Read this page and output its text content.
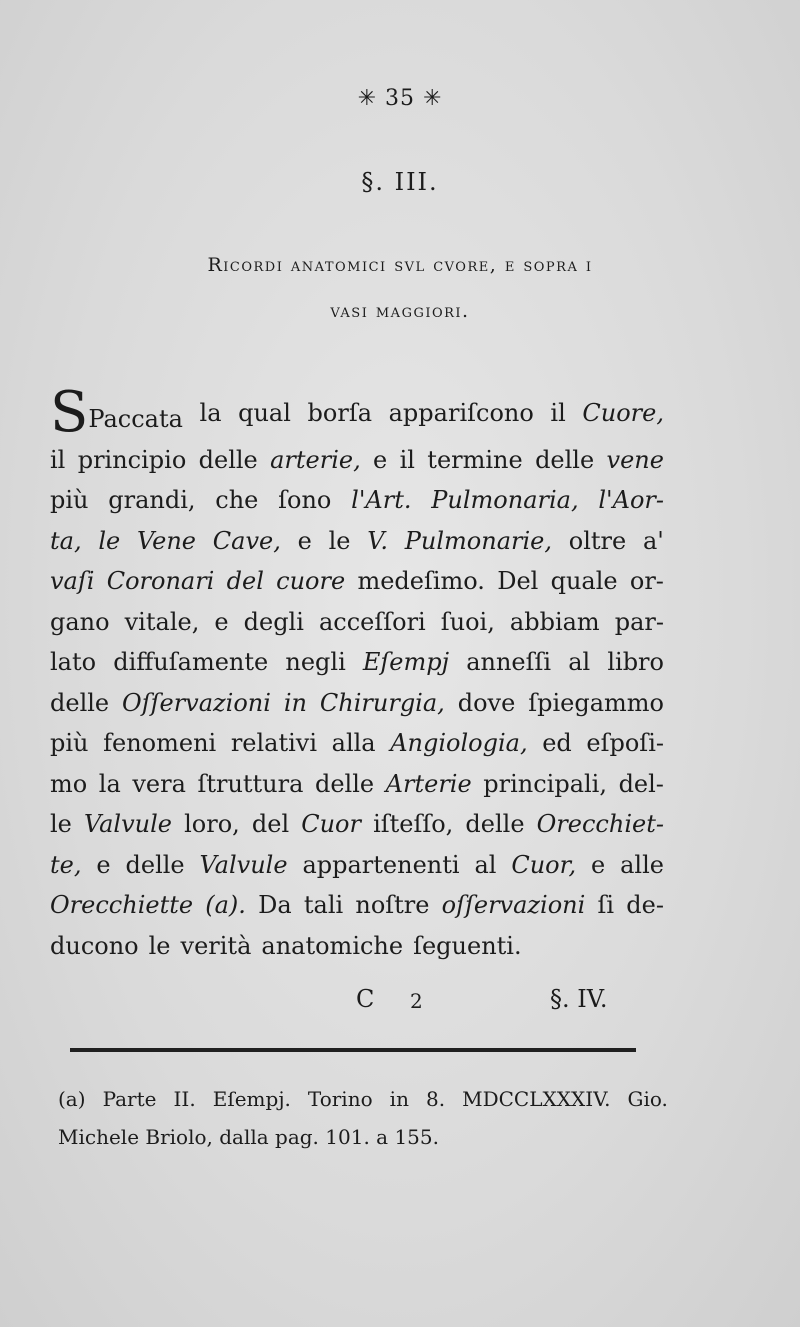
✳ 35 ✳
§. III.
Ricordi anatomici svl cvore, e sopra i
vasi maggiori.
SPaccata la qual borſa appariſcono il Cuore,
il principio delle arterie, e il termine delle vene
più grandi, che ſono l'Art. Pulmonaria, l'Aor-
ta, le Vene Cave, e le V. Pulmonarie, oltre a'
vaſi Coronari del cuore medeſimo. Del quale or-
gano vitale, e degli acceſſori ſuoi, abbiam par-
lato diffuſamente negli Eſempj anneſſi al libro
delle Oſſervazioni in Chirurgia, dove ſpiegammo
più fenomeni relativi alla Angiologia, ed eſpoſi-
mo la vera ſtruttura delle Arterie principali, del-
le Valvule loro, del Cuor iſteſſo, delle Orecchiet-
te, e delle Valvule appartenenti al Cuor, e alle
Orecchiette (a). Da tali noſtre oſſervazioni ſi de-
ducono le verità anatomiche ſeguenti.
C 2	§. IV.
(a) Parte II. Eſempj. Torino in 8. MDCCLXXXIV. Gio.
Michele Briolo, dalla pag. 101. a 155.
